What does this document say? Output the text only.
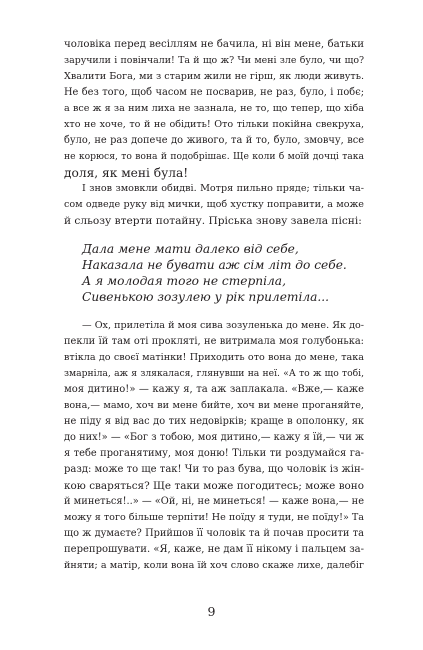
чоловіка перед весіллям не бачила, ні він мене, батьки
заручили і повінчали! Та й що ж? Чи мені зле було, чи що?
Хвалити Бога, ми з старим жили не гірш, як люди живуть.
Не без того, щоб часом не посварив, не раз, було, і побє;
а все ж я за ним лиха не зазнала, не то, що тепер, що хіба
хто не хоче, то й не обідить! Ото тільки покійна свекруха,
було, не раз допече до живого, та й то, було, змовчу, все
не корюся, то вона й подобрішає. Ще коли б моїй дочці така
доля, як мені була!
І знов змовкли обидві. Мотря пильно пряде; тільки ча-
сом одведе руку від мички, щоб хустку поправити, а може
й сльозу втерти потайну. Пріська знову завела пісні:
Дала мене мати далеко від себе,
Наказала не бувати аж сім літ до себе.
А я молодая того не стерпіла,
Сивенькою зозулею у рік прилетіла...
— Ох, прилетіла й моя сива зозуленька до мене. Як до-
пекли їй там оті проклятi, не витримала моя голубонька:
втікла до своєї матінки! Приходить ото вона до мене, така
змарніла, аж я злякалася, глянувши на неї. «А то ж що тобі,
моя дитино!» — кажу я, та аж заплакала. «Вже,— каже
вона,— мамо, хоч ви мене бийте, хоч ви мене проганяйте,
не піду я від вас до тих недовірків; краще в ополонку, як
до них!» — «Бог з тобою, моя дитино,— кажу я їй,— чи ж
я тебе проганятиму, моя доню! Тільки ти роздумайся га-
разд: може то ще так! Чи то раз бува, що чоловік із жін-
кою сваряться? Ще таки може погодитесь; може воно
й минеться!..» — «Ой, ні, не минеться! — каже вона,— не
можу я того більше терпіти! Не поїду я туди, не поїду!» Та
що ж думаєте? Прийшов її чоловік та й почав просити та
перепрошувати. «Я, каже, не дам її нікому і пальцем за-
йняти; а матір, коли вона їй хоч слово скаже лихе, далебіг
9
